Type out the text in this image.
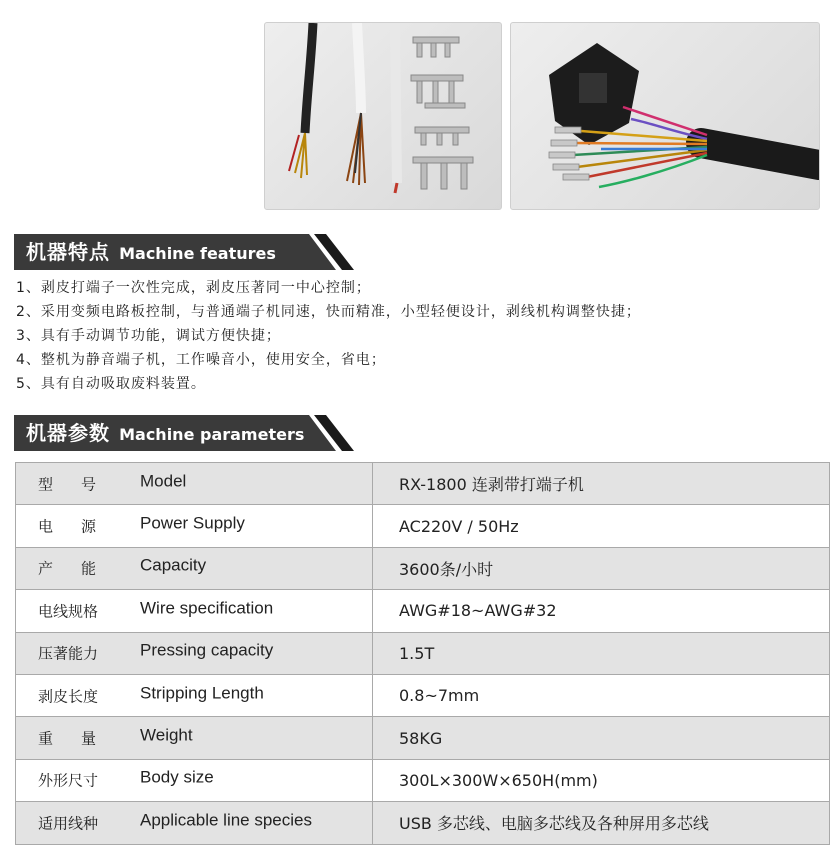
机器特点 Machine features
1、剥皮打端子一次性完成，剥皮压著同一中心控制；
2、采用变频电路板控制，与普通端子机同速，快而精准，小型轻便设计，剥线机构调整快捷；
3、具有手动调节功能，调试方便快捷；
4、整机为静音端子机，工作噪音小，使用安全，省电；
5、具有自动吸取废料装置。
机器参数 Machine parameters
型号 Model	RX-1800 连剥带打端子机

电源 Power Supply	AC220V / 50Hz

产能 Capacity	3600条/小时

电线规格 Wire specification	AWG#18~AWG#32

压著能力 Pressing capacity	1.5T

剥皮长度 Stripping Length	0.8~7mm

重量 Weight	58KG

外形尺寸 Body size	300L×300W×650H(mm)

适用线种 Applicable line species	USB 多芯线、电脑多芯线及各种屏用多芯线
